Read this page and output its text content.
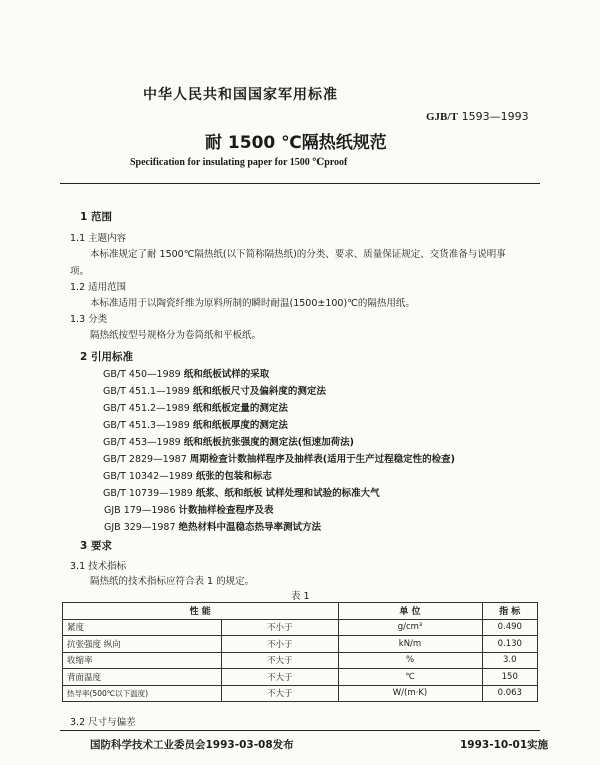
中华人民共和国国家军用标准
GJB/T 1593—1993
耐 1500 ℃隔热纸规范
Specification for insulating paper for 1500 ℃proof
1 范围
1.1 主题内容
本标准规定了耐 1500℃隔热纸(以下简称隔热纸)的分类、要求、质量保证规定、交货准备与说明事
项。
1.2 适用范围
本标准适用于以陶瓷纤维为原料所制的瞬时耐温(1500±100)℃的隔热用纸。
1.3 分类
隔热纸按型号规格分为卷筒纸和平板纸。
2 引用标准
GB/T 450—1989 纸和纸板试样的采取
GB/T 451.1—1989 纸和纸板尺寸及偏斜度的测定法
GB/T 451.2—1989 纸和纸板定量的测定法
GB/T 451.3—1989 纸和纸板厚度的测定法
GB/T 453—1989 纸和纸板抗张强度的测定法(恒速加荷法)
GB/T 2829—1987 周期检查计数抽样程序及抽样表(适用于生产过程稳定性的检查)
GB/T 10342—1989 纸张的包装和标志
GB/T 10739—1989 纸浆、纸和纸板 试样处理和试验的标准大气
GJB 179—1986 计数抽样检查程序及表
GJB 329—1987 绝热材料中温稳态热导率测试方法
3 要求
3.1 技术指标
隔热纸的技术指标应符合表 1 的规定。
表 1
性 能		单 位	指 标
紧度	不小于	g/cm³	0.490
抗张强度 纵向	不小于	kN/m	0.130
收缩率	不大于	%	3.0
背面温度	不大于	℃	150
热导率(500℃以下温度)	不大于	W/(m·K)	0.063
3.2 尺寸与偏差
国防科学技术工业委员会1993-03-08发布	1993-10-01实施
